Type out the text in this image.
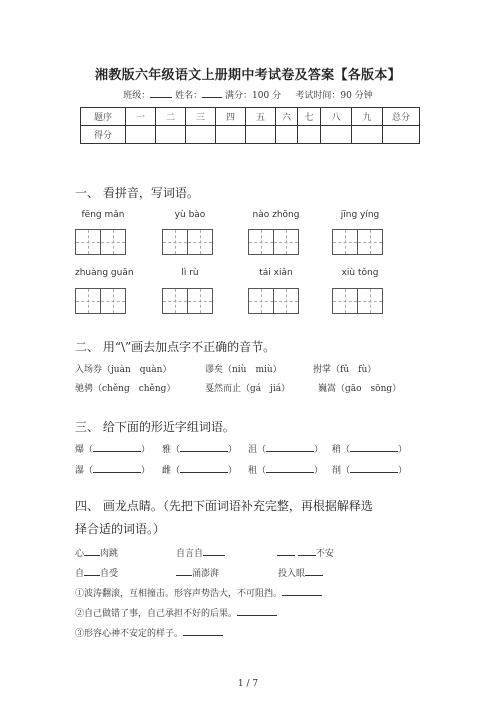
湘教版六年级语文上册期中考试卷及答案【各版本】
班级：	姓名：	满分：100 分 考试时间：90 分钟
题序	一	二	三	四	五	六	七	八	九	总分
得分										
一、 看拼音，写词语。
fēng mǎn	yù bào	nào zhōng	jīng yíng
zhuàng guān	lì rù	tái xiǎn	xiù tǒng
二、 用“\”画去加点字不正确的音节。
入场券（juàn　quàn）	谬矣（niù　miù）	拊掌（fǔ　fù）
驰骋（chěng　chěng）	戛然而止（gá　jiá）	巍嵩（gāo　sōng）
三、 给下面的形近字组词语。
爆（	） 雅（	） 沮（	） 稍（	）
瀑（	） 雌（	） 租（	） 削（	）
四、 画龙点睛。（先把下面词语补充完整，再根据解释选
择合适的词语。）
心 肉跳	自言自	不安
自 自受	涌澎湃	投入眼
①波涛翻滚，互相撞击。形容声势浩大，不可阻挡。
②自己做错了事，自己承担不好的后果。
③形容心神不安定的样子。
1 / 7
